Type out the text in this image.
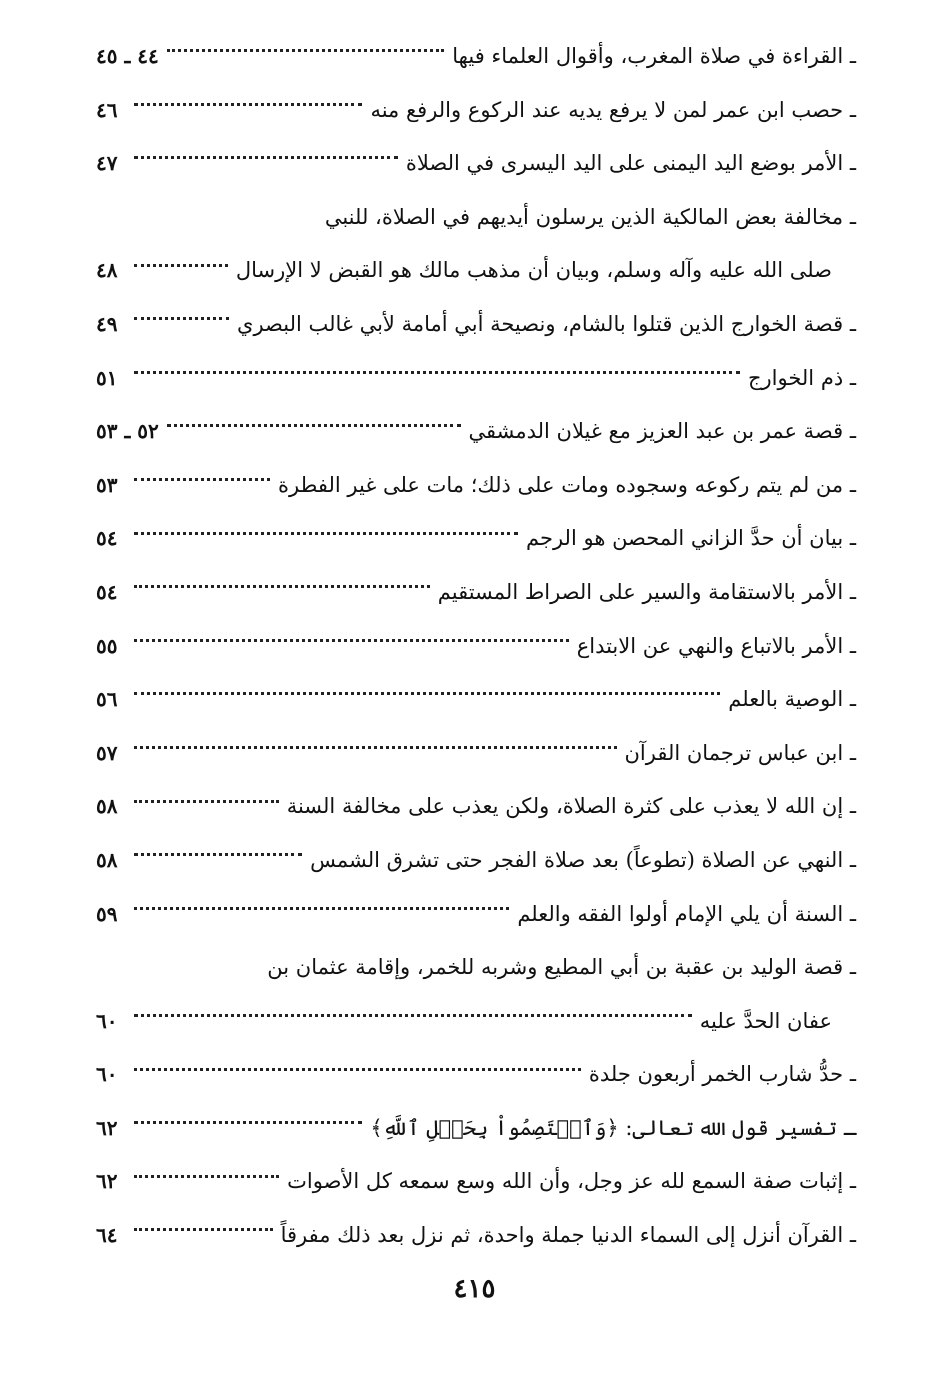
ـ القراءة في صلاة المغرب، وأقوال العلماء فيها
٤٤ ـ ٤٥
ـ حصب ابن عمر لمن لا يرفع يديه عند الركوع والرفع منه
٤٦
ـ الأمر بوضع اليد اليمنى على اليد اليسرى في الصلاة
٤٧
ـ مخالفة بعض المالكية الذين يرسلون أيديهم في الصلاة، للنبي
صلى الله عليه وآله وسلم، وبيان أن مذهب مالك هو القبض لا الإرسال
٤٨
ـ قصة الخوارج الذين قتلوا بالشام، ونصيحة أبي أمامة لأبي غالب البصري
٤٩
ـ ذم الخوارج
٥١
ـ قصة عمر بن عبد العزيز مع غيلان الدمشقي
٥٢ ـ ٥٣
ـ من لم يتم ركوعه وسجوده ومات على ذلك؛ مات على غير الفطرة
٥٣
ـ بيان أن حدَّ الزاني المحصن هو الرجم
٥٤
ـ الأمر بالاستقامة والسير على الصراط المستقيم
٥٤
ـ الأمر بالاتباع والنهي عن الابتداع
٥٥
ـ الوصية بالعلم
٥٦
ـ ابن عباس ترجمان القرآن
٥٧
ـ إن الله لا يعذب على كثرة الصلاة، ولكن يعذب على مخالفة السنة
٥٨
ـ النهي عن الصلاة (تطوعاً) بعد صلاة الفجر حتى تشرق الشمس
٥٨
ـ السنة أن يلي الإمام أولوا الفقه والعلم
٥٩
ـ قصة الوليد بن عقبة بن أبي المطيع وشربه للخمر، وإقامة عثمان بن
عفان الحدَّ عليه
٦٠
ـ حدُّ شارب الخمر أربعون جلدة
٦٠
ـ تفسير قول الله تعالى: ﴿وَٱعۡتَصِمُواْ بِحَبۡلِ ٱللَّهِ﴾
٦٢
ـ إثبات صفة السمع لله عز وجل، وأن الله وسع سمعه كل الأصوات
٦٢
ـ القرآن أنزل إلى السماء الدنيا جملة واحدة، ثم نزل بعد ذلك مفرقاً
٦٤
٤١٥
